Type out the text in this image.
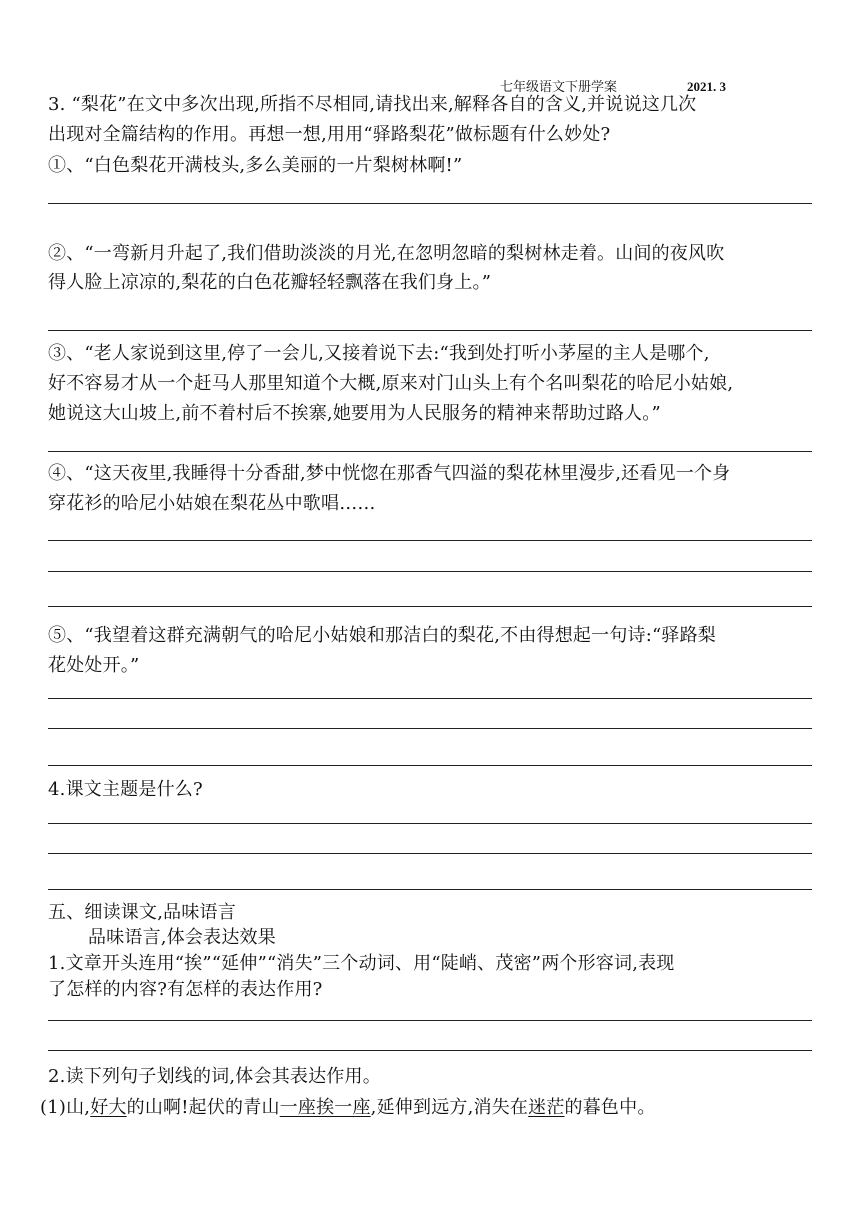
七年级语文下册学案	2021. 3
3. “梨花”在文中多次出现,所指不尽相同,请找出来,解释各自的含义,并说说这几次
出现对全篇结构的作用。再想一想,用用“驿路梨花”做标题有什么妙处?
①、“白色梨花开满枝头,多么美丽的一片梨树林啊!”
②、“一弯新月升起了,我们借助淡淡的月光,在忽明忽暗的梨树林走着。山间的夜风吹
得人脸上凉凉的,梨花的白色花瓣轻轻飘落在我们身上。”
③、“老人家说到这里,停了一会儿,又接着说下去:“我到处打听小茅屋的主人是哪个,
好不容易才从一个赶马人那里知道个大概,原来对门山头上有个名叫梨花的哈尼小姑娘,
她说这大山坡上,前不着村后不挨寨,她要用为人民服务的精神来帮助过路人。”
④、“这天夜里,我睡得十分香甜,梦中恍惚在那香气四溢的梨花林里漫步,还看见一个身
穿花衫的哈尼小姑娘在梨花丛中歌唱……
⑤、“我望着这群充满朝气的哈尼小姑娘和那洁白的梨花,不由得想起一句诗:“驿路梨
花处处开。”
4.课文主题是什么?
五、细读课文,品味语言
品味语言,体会表达效果
1.文章开头连用“挨”“延伸”“消失”三个动词、用“陡峭、茂密”两个形容词,表现
了怎样的内容?有怎样的表达作用?
2.读下列句子划线的词,体会其表达作用。
(1)山,好大的山啊!起伏的青山一座挨一座,延伸到远方,消失在迷茫的暮色中。
